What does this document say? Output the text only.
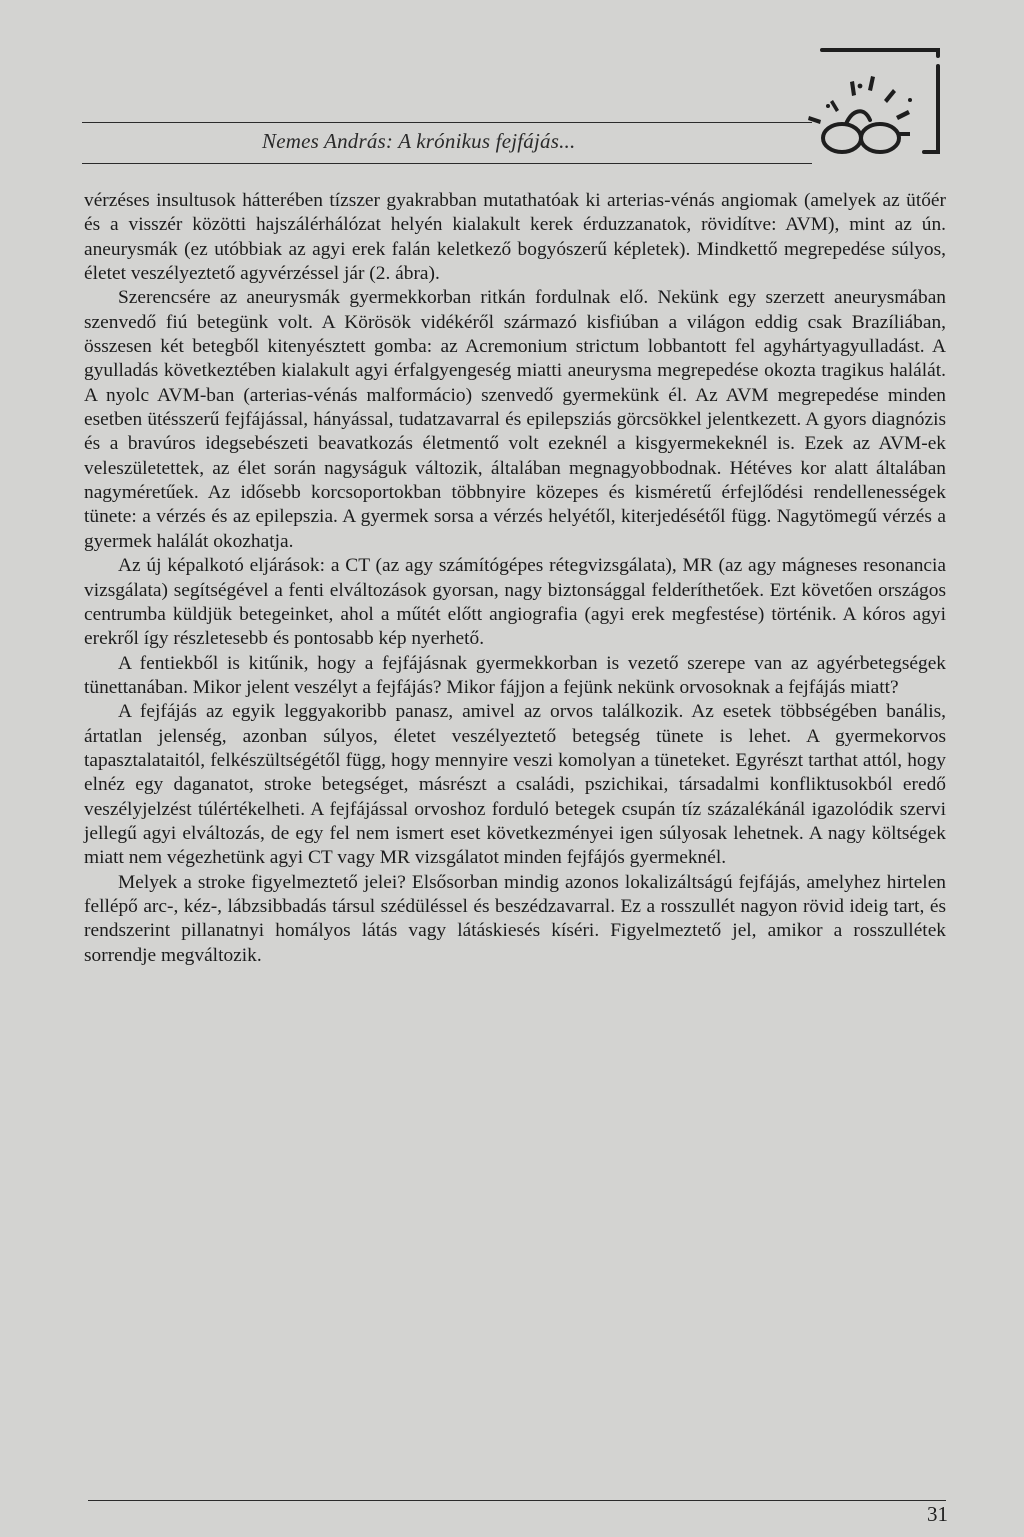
Nemes András: A krónikus fejfájás...

vérzéses insultusok hátterében tízszer gyakrabban mutathatóak ki arterias-vénás angiomak (amelyek az ütőér és a visszér közötti hajszálérhálózat helyén kialakult kerek érduzzanatok, rövidítve: AVM), mint az ún. aneurysmák (ez utóbbiak az agyi erek falán keletkező bogyószerű képletek). Mindkettő megrepedése súlyos, életet veszélyeztető agyvérzéssel jár (2. ábra).

Szerencsére az aneurysmák gyermekkorban ritkán fordulnak elő. Nekünk egy szerzett aneurysmában szenvedő fiú betegünk volt. A Körösök vidékéről származó kisfiúban a világon eddig csak Brazíliában, összesen két betegből kitenyésztett gomba: az Acremonium strictum lobbantott fel agyhártyagyulladást. A gyulladás következtében kialakult agyi érfalgyengeség miatti aneurysma megrepedése okozta tragikus halálát. A nyolc AVM-ban (arterias-vénás malformácio) szenvedő gyermekünk él. Az AVM megrepedése minden esetben ütésszerű fejfájással, hányással, tudatzavarral és epilepsziás görcsökkel jelentkezett. A gyors diagnózis és a bravúros idegsebészeti beavatkozás életmentő volt ezeknél a kisgyermekeknél is. Ezek az AVM-ek veleszületettek, az élet során nagyságuk változik, általában megnagyobbodnak. Hétéves kor alatt általában nagyméretűek. Az idősebb korcsoportokban többnyire közepes és kisméretű érfejlődési rendellenességek tünete: a vérzés és az epilepszia. A gyermek sorsa a vérzés helyétől, kiterjedésétől függ. Nagytömegű vérzés a gyermek halálát okozhatja.

Az új képalkotó eljárások: a CT (az agy számítógépes rétegvizsgálata), MR (az agy mágneses resonancia vizsgálata) segítségével a fenti elváltozások gyorsan, nagy biztonsággal felderíthetőek. Ezt követően országos centrumba küldjük betegeinket, ahol a műtét előtt angiografia (agyi erek megfestése) történik. A kóros agyi erekről így részletesebb és pontosabb kép nyerhető.

A fentiekből is kitűnik, hogy a fejfájásnak gyermekkorban is vezető szerepe van az agyérbetegségek tünettanában. Mikor jelent veszélyt a fejfájás? Mikor fájjon a fejünk nekünk orvosoknak a fejfájás miatt?

A fejfájás az egyik leggyakoribb panasz, amivel az orvos találkozik. Az esetek többségében banális, ártatlan jelenség, azonban súlyos, életet veszélyeztető betegség tünete is lehet. A gyermekorvos tapasztalataitól, felkészültségétől függ, hogy mennyire veszi komolyan a tüneteket. Egyrészt tarthat attól, hogy elnéz egy daganatot, stroke betegséget, másrészt a családi, pszichikai, társadalmi konfliktusokból eredő veszélyjelzést túlértékelheti. A fejfájással orvoshoz forduló betegek csupán tíz százalékánál igazolódik szervi jellegű agyi elváltozás, de egy fel nem ismert eset következményei igen súlyosak lehetnek. A nagy költségek miatt nem végezhetünk agyi CT vagy MR vizsgálatot minden fejfájós gyermeknél.

Melyek a stroke figyelmeztető jelei? Elsősorban mindig azonos lokalizáltságú fejfájás, amelyhez hirtelen fellépő arc-, kéz-, lábzsibbadás társul szédüléssel és beszédzavarral. Ez a rosszullét nagyon rövid ideig tart, és rendszerint pillanatnyi homályos látás vagy látáskiesés kíséri. Figyelmeztető jel, amikor a rosszullétek sorrendje megváltozik.

31
